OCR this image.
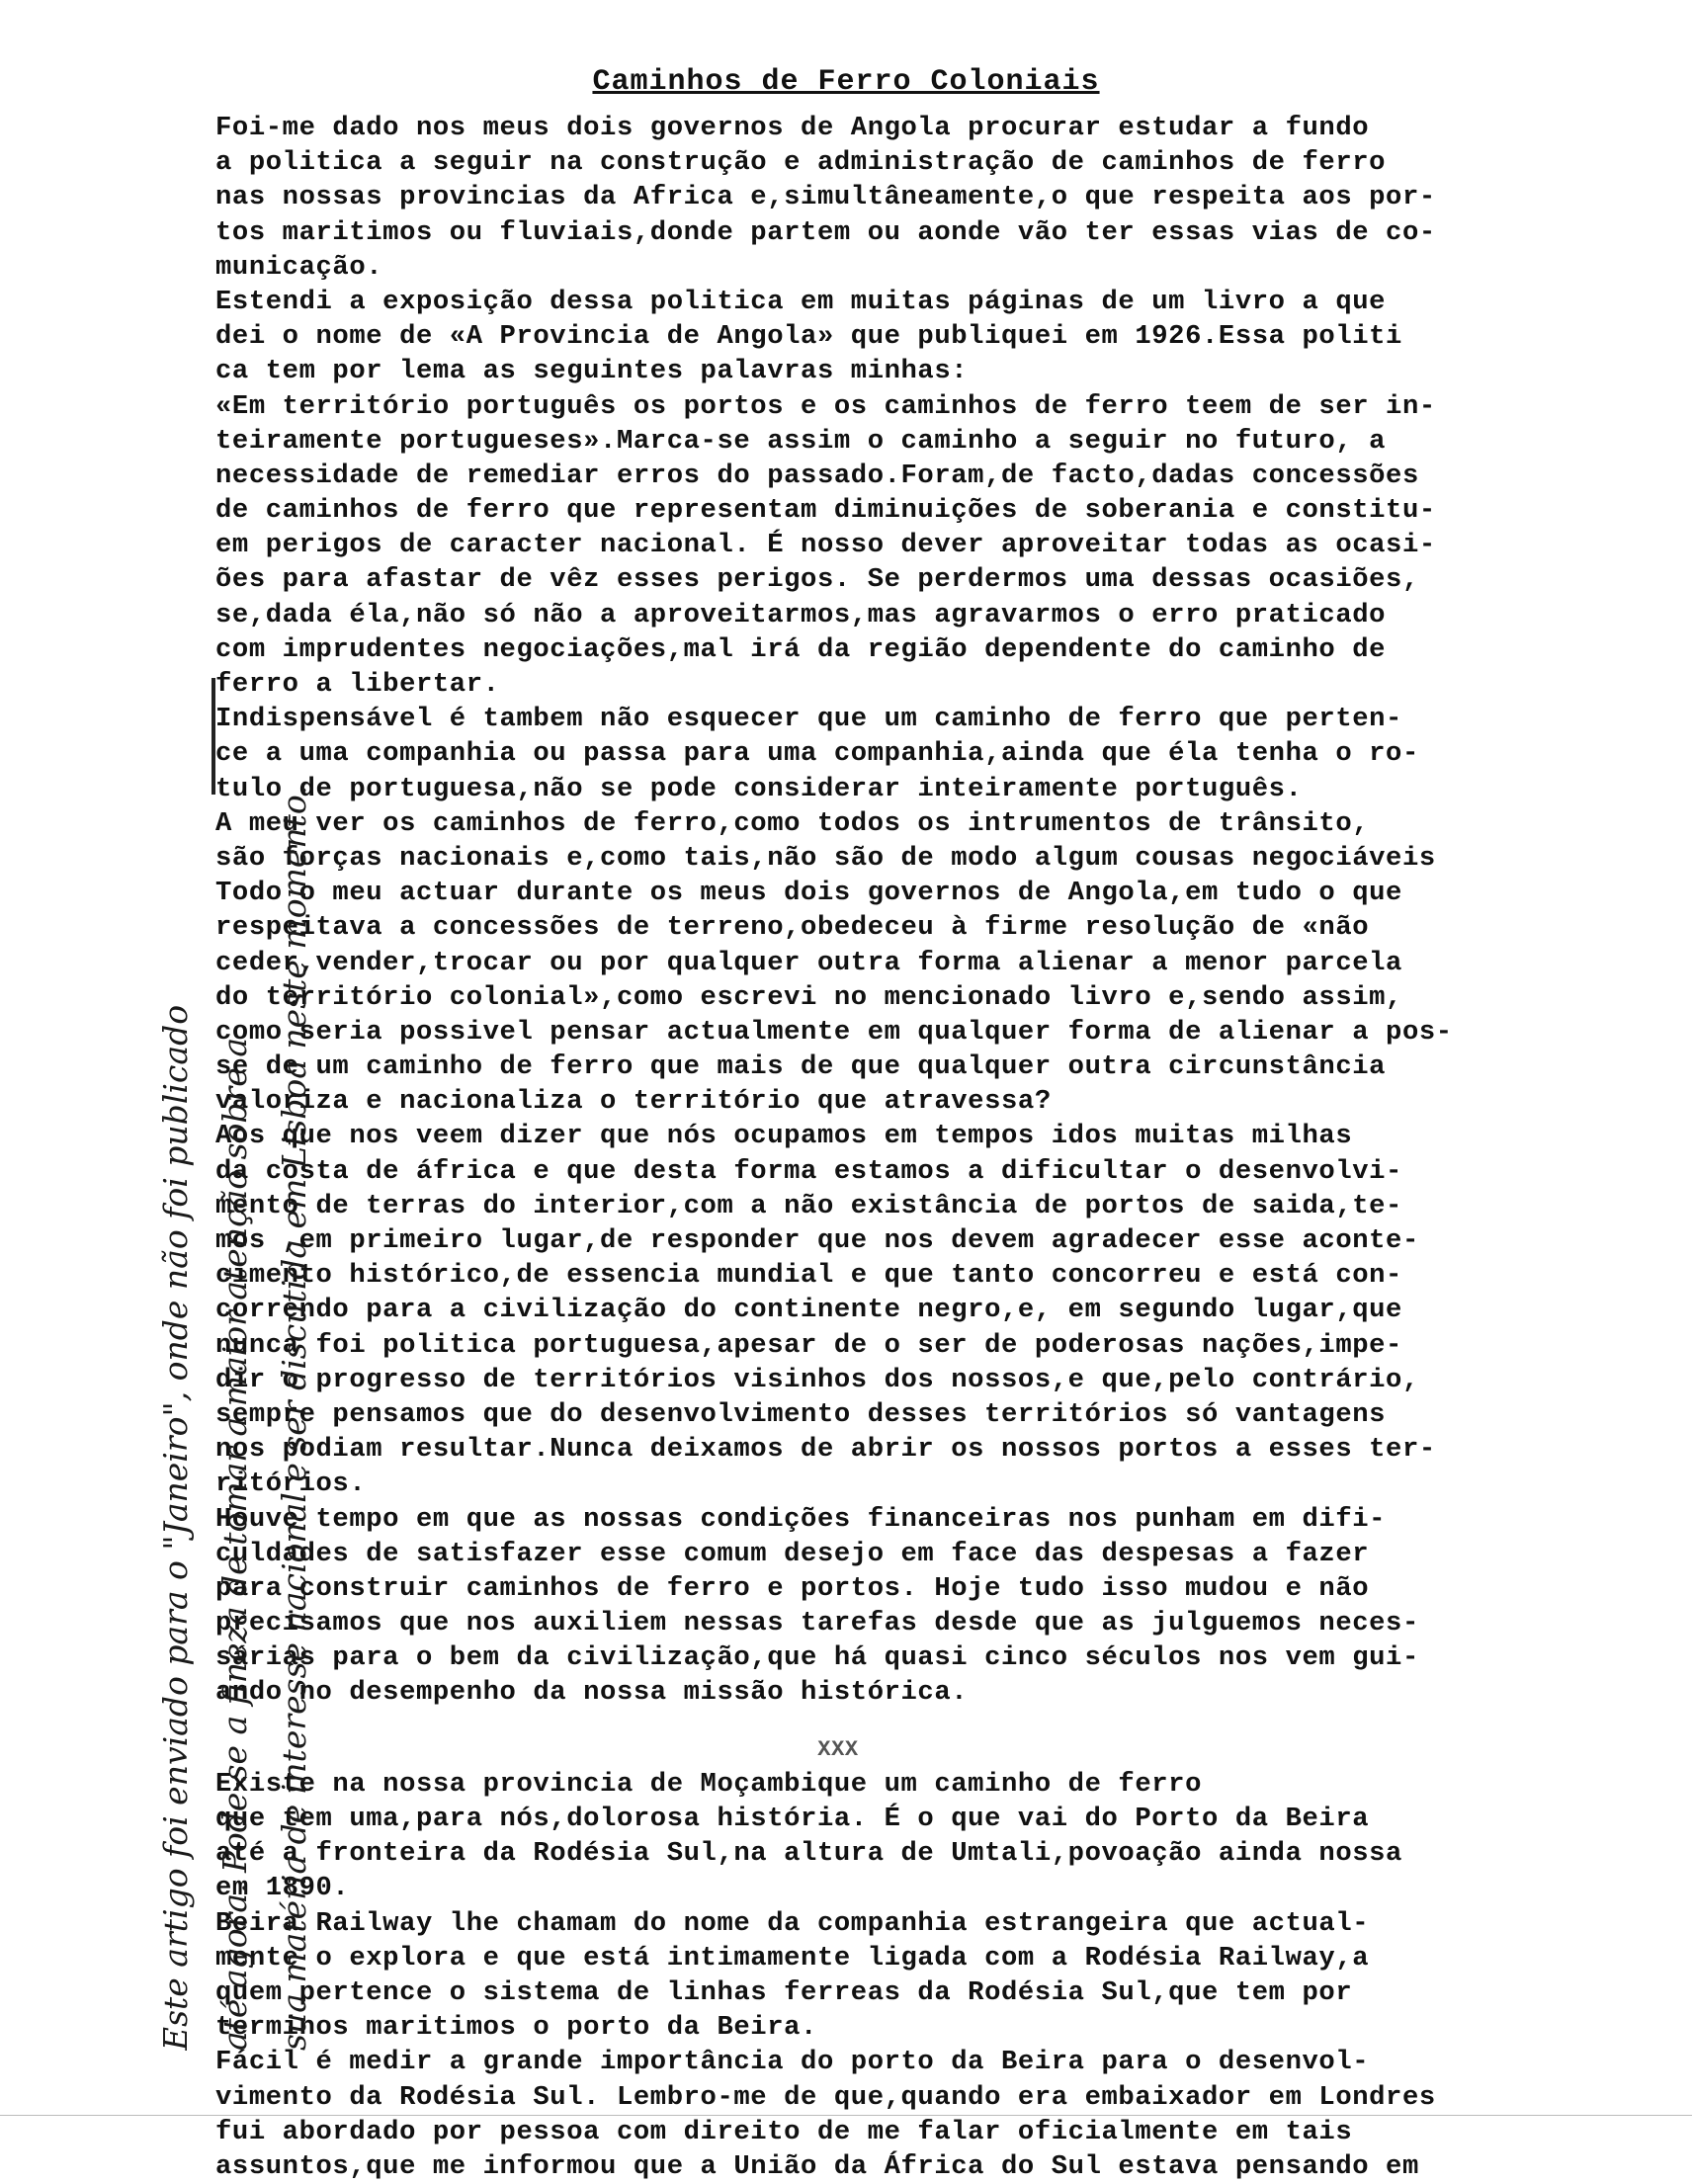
Caminhos de Ferro Coloniais
Foi-me dado nos meus dois governos de Angola procurar estudar a fundo
a politica a seguir na construção e administração de caminhos de ferro
nas nossas provincias da Africa e,simultâneamente,o que respeita aos por-
tos maritimos ou fluviais,donde partem ou aonde vão ter essas vias de co-
municação.
Estendi a exposição dessa politica em muitas páginas de um livro a que
dei o nome de «A Provincia de Angola» que publiquei em 1926.Essa politi
ca tem por lema as seguintes palavras minhas:
«Em território português os portos e os caminhos de ferro teem de ser in-
teiramente portugueses».Marca-se assim o caminho a seguir no futuro, a
necessidade de remediar erros do passado.Foram,de facto,dadas concessões
de caminhos de ferro que representam diminuições de soberania e constitu-
em perigos de caracter nacional. É nosso dever aproveitar todas as ocasi-
ões para afastar de vêz esses perigos. Se perdermos uma dessas ocasiões,
se,dada éla,não só não a aproveitarmos,mas agravarmos o erro praticado
com imprudentes negociações,mal irá da região dependente do caminho de
ferro a libertar.
Indispensável é tambem não esquecer que um caminho de ferro que perten-
ce a uma companhia ou passa para uma companhia,ainda que éla tenha o ro-
tulo de portuguesa,não se pode considerar inteiramente português.
A meu ver os caminhos de ferro,como todos os intrumentos de trânsito,
são forças nacionais e,como tais,não são de modo algum cousas negociáveis
Todo o meu actuar durante os meus dois governos de Angola,em tudo o que
respeitava a concessões de terreno,obedeceu à firme resolução de «não
ceder,vender,trocar ou por qualquer outra forma alienar a menor parcela
do território colonial»,como escrevi no mencionado livro e,sendo assim,
como seria possivel pensar actualmente em qualquer forma de alienar a pos-
se de um caminho de ferro que mais de que qualquer outra circunstância
valoriza e nacionaliza o território que atravessa?
Aos que nos veem dizer que nós ocupamos em tempos idos muitas milhas
da costa de áfrica e que desta forma estamos a dificultar o desenvolvi-
mento de terras do interior,com a não existância de portos de saida,te-
mos ,em primeiro lugar,de responder que nos devem agradecer esse aconte-
cimento histórico,de essencia mundial e que tanto concorreu e está con-
correndo para a civilização do continente negro,e, em segundo lugar,que
nunca foi politica portuguesa,apesar de o ser de poderosas nações,impe-
dir o progresso de territórios visinhos dos nossos,e que,pelo contrário,
sempre pensamos que do desenvolvimento desses territórios só vantagens
nos podiam resultar.Nunca deixamos de abrir os nossos portos a esses ter-
ritórios.
Houve tempo em que as nossas condições financeiras nos punham em difi-
culdades de satisfazer esse comum desejo em face das despesas a fazer
para construir caminhos de ferro e portos. Hoje tudo isso mudou e não
precisamos que nos auxiliem nessas tarefas desde que as julguemos neces-
sárias para o bem da civilização,que há quasi cinco séculos nos vem gui-
ando no desempenho da nossa missão histórica.
XXX
Existe na nossa provincia de Moçambique um caminho de ferro
que tem uma,para nós,dolorosa história. É o que vai do Porto da Beira
até a fronteira da Rodésia Sul,na altura de Umtali,povoação ainda nossa
em 1890.
Beira Railway lhe chamam do nome da companhia estrangeira que actual-
mente o explora e que está intimamente ligada com a Rodésia Railway,a
quem pertence o sistema de linhas ferreas da Rodésia Sul,que tem por
terminos maritimos o porto da Beira.
Fácil é medir a grande importância do porto da Beira para o desenvol-
vimento da Rodésia Sul. Lembro-me de que,quando era embaixador em Londres
fui abordado por pessoa com direito de me falar oficialmente em tais
assuntos,que me informou que a União da África do Sul estava pensando em
Este artigo foi enviado para o "Janeiro", onde não foi publicado até agora. Pode-se a fineza de tomar a maior atenção sobre a sua matéria de interesse nacional e ser discutida em Lisboa neste momento.
